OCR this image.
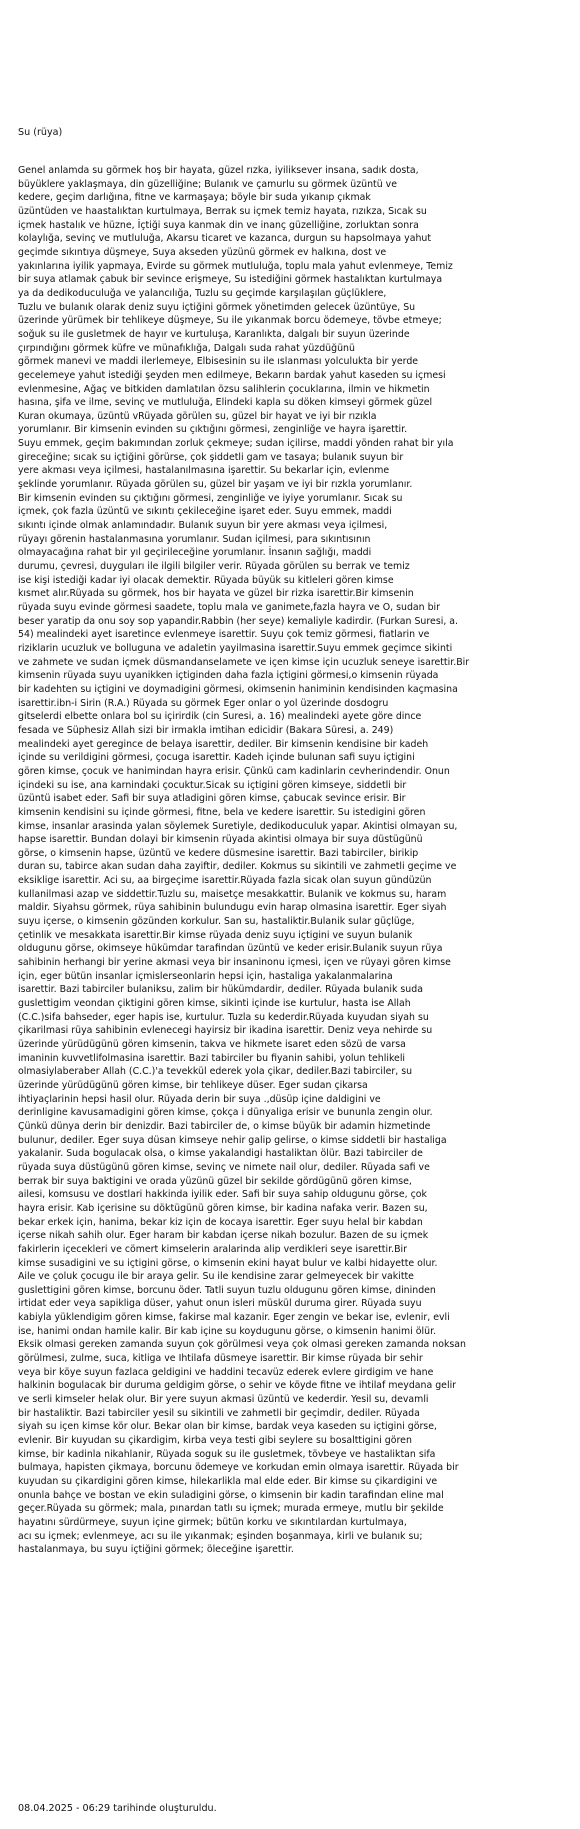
Su (rüya)
Genel anlamda su görmek hoş bir hayata, güzel rızka, iyiliksever insana, sadık dosta,
büyüklere yaklaşmaya, din güzelliğine; Bulanık ve çamurlu su görmek üzüntü ve
kedere, geçim darlığına, fitne ve karmaşaya; böyle bir suda yıkanıp çıkmak
üzüntüden ve haastalıktan kurtulmaya, Berrak su içmek temiz hayata, rızıkza, Sıcak su
içmek hastalık ve hüzne, İçtiği suya kanmak din ve inanç güzelliğine, zorluktan sonra
kolaylığa, sevinç ve mutluluğa, Akarsu ticaret ve kazanca, durgun su hapsolmaya yahut
geçimde sıkıntıya düşmeye, Suya akseden yüzünü görmek ev halkına, dost ve
yakınlarına iyilik yapmaya, Evirde su görmek mutluluğa, toplu mala yahut evlenmeye, Temiz
bir suya atlamak çabuk bir sevince erişmeye, Su istediğini görmek hastalıktan kurtulmaya
ya da dedikoduculuğa ve yalancılığa, Tuzlu su geçimde karşılaşılan güçlüklere,
Tuzlu ve bulanık olarak deniz suyu içtiğini görmek yönetimden gelecek üzüntüye, Su
üzerinde yürümek bir tehlikeye düşmeye, Su ile yıkanmak borcu ödemeye, tövbe etmeye;
soğuk su ile gusletmek de hayır ve kurtuluşa, Karanlıkta, dalgalı bir suyun üzerinde
çırpındığını görmek küfre ve münafıklığa, Dalgalı suda rahat yüzdüğünü
görmek manevi ve maddi ilerlemeye, Elbisesinin su ile ıslanması yolculukta bir yerde
gecelemeye yahut istediği şeyden men edilmeye, Bekarın bardak yahut kaseden su içmesi
evlenmesine, Ağaç ve bitkiden damlatılan özsu salihlerin çocuklarına, ilmin ve hikmetin
hasına, şifa ve ilme, sevinç ve mutluluğa, Elindeki kapla su döken kimseyi görmek güzel
Kuran okumaya, üzüntü vRüyada görülen su, güzel bir hayat ve iyi bir rızıkla
yorumlanır. Bir kimsenin evinden su çıktığını görmesi, zenginliğe ve hayra işarettir.
Suyu emmek, geçim bakımından zorluk çekmeye; sudan içilirse, maddi yönden rahat bir yıla
gireceğine; sıcak su içtiğini görürse, çok şiddetli gam ve tasaya; bulanık suyun bir
yere akması veya içilmesi, hastalanılmasına işarettir. Su bekarlar için, evlenme
şeklinde yorumlanır. Rüyada görülen su, güzel bir yaşam ve iyi bir rızkla yorumlanır.
Bir kimsenin evinden su çıktığını görmesi, zenginliğe ve iyiye yorumlanır. Sıcak su
içmek, çok fazla üzüntü ve sıkıntı çekileceğine işaret eder. Suyu emmek, maddi
sıkıntı içinde olmak anlamındadır. Bulanık suyun bir yere akması veya içilmesi,
rüyayı görenin hastalanmasına yorumlanır. Sudan içilmesi, para sıkıntısının
olmayacağına rahat bir yıl geçirileceğine yorumlanır. İnsanın sağlığı, maddi
durumu, çevresi, duyguları ile ilgili bilgiler verir. Rüyada görülen su berrak ve temiz
ise kişi istediği kadar iyi olacak demektir. Rüyada büyük su kitleleri gören kimse
kısmet alır.Rüyada su görmek, hos bir hayata ve güzel bir rizka isarettir.Bir kimsenin
rüyada suyu evinde görmesi saadete, toplu mala ve ganimete,fazla hayra ve O, sudan bir
beser yaratip da onu soy sop yapandir.Rabbin (her seye) kemaliyle kadirdir. (Furkan Suresi, a.
54) mealindeki ayet isaretince evlenmeye isarettir. Suyu çok temiz görmesi, fiatlarin ve
riziklarin ucuzluk ve bolluguna ve adaletin yayilmasina isarettir.Suyu emmek geçimce sikinti
ve zahmete ve sudan içmek düsmandanselamete ve içen kimse için ucuzluk seneye isarettir.Bir
kimsenin rüyada suyu uyanikken içtiginden daha fazla içtigini görmesi,o kimsenin rüyada
bir kadehten su içtigini ve doymadigini görmesi, okimsenin haniminin kendisinden kaçmasina
isarettir.ibn-i Sirin (R.A.) Rüyada su görmek Eger onlar o yol üzerinde dosdogru
gitselerdi elbette onlara bol su içirirdik (cin Suresi, a. 16) mealindeki ayete göre dince
fesada ve Süphesiz Allah sizi bir irmakla imtihan edicidir (Bakara Süresi, a. 249)
mealindeki ayet geregince de belaya isarettir, dediler. Bir kimsenin kendisine bir kadeh
içinde su verildigini görmesi, çocuga isarettir. Kadeh içinde bulunan safi suyu içtigini
gören kimse, çocuk ve hanimindan hayra erisir. Çünkü cam kadinlarin cevherindendir. Onun
içindeki su ise, ana karnindaki çocuktur.Sicak su içtigini gören kimseye, siddetli bir
üzüntü isabet eder. Safi bir suya atladigini gören kimse, çabucak sevince erisir. Bir
kimsenin kendisini su içinde görmesi, fitne, bela ve kedere isarettir. Su istedigini gören
kimse, insanlar arasinda yalan söylemek Suretiyle, dedikoduculuk yapar. Akintisi olmayan su,
hapse isarettir. Bundan dolayi bir kimsenin rüyada akintisi olmaya bir suya düstügünü
görse, o kimsenin hapse, üzüntü ve kedere düsmesine isarettir. Bazi tabirciler, birikip
duran su, tabirce akan sudan daha zayiftir, dediler. Kokmus su sikintili ve zahmetli geçime ve
eksiklige isarettir. Aci su, aa birgeçime isarettir.Rüyada fazla sicak olan suyun gündüzün
kullanilmasi azap ve siddettir.Tuzlu su, maisetçe mesakkattir. Bulanik ve kokmus su, haram
maldir. Siyahsu görmek, rüya sahibinin bulundugu evin harap olmasina isarettir. Eger siyah
suyu içerse, o kimsenin gözünden korkulur. San su, hastaliktir.Bulanik sular güçlüge,
çetinlik ve mesakkata isarettir.Bir kimse rüyada deniz suyu içtigini ve suyun bulanik
oldugunu görse, okimseye hükümdar tarafindan üzüntü ve keder erisir.Bulanik suyun rüya
sahibinin herhangi bir yerine akmasi veya bir insaninonu içmesi, içen ve rüyayi gören kimse
için, eger bütün insanlar içmislerseonlarin hepsi için, hastaliga yakalanmalarina
isarettir. Bazi tabirciler bulaniksu, zalim bir hükümdardir, dediler. Rüyada bulanik suda
guslettigim veondan çiktigini gören kimse, sikinti içinde ise kurtulur, hasta ise Allah
(C.C.)sifa bahseder, eger hapis ise, kurtulur. Tuzla su kederdir.Rüyada kuyudan siyah su
çikarilmasi rüya sahibinin evlenecegi hayirsiz bir ikadina isarettir. Deniz veya nehirde su
üzerinde yürüdügünü gören kimsenin, takva ve hikmete isaret eden sözü de varsa
imaninin kuvvetlifolmasina isarettir. Bazi tabirciler bu fiyanin sahibi, yolun tehlikeli
olmasiylaberaber Allah (C.C.)'a tevekkül ederek yola çikar, dediler.Bazi tabirciler, su
üzerinde yürüdügünü gören kimse, bir tehlikeye düser. Eger sudan çikarsa
ihtiyaçlarinin hepsi hasil olur. Rüyada derin bir suya .,düsüp içine daldigini ve
derinligine kavusamadigini gören kimse, çokça i dünyaliga erisir ve bununla zengin olur.
Çünkü dünya derin bir denizdir. Bazi tabirciler de, o kimse büyük bir adamin hizmetinde
bulunur, dediler. Eger suya düsan kimseye nehir galip gelirse, o kimse siddetli bir hastaliga
yakalanir. Suda bogulacak olsa, o kimse yakalandigi hastaliktan ölür. Bazi tabirciler de
rüyada suya düstügünü gören kimse, sevinç ve nimete nail olur, dediler. Rüyada safi ve
berrak bir suya baktigini ve orada yüzünü güzel bir sekilde gördügünü gören kimse,
ailesi, komsusu ve dostlari hakkinda iyilik eder. Safi bir suya sahip oldugunu görse, çok
hayra erisir. Kab içerisine su döktügünü gören kimse, bir kadina nafaka verir. Bazen su,
bekar erkek için, hanima, bekar kiz için de kocaya isarettir. Eger suyu helal bir kabdan
içerse nikah sahih olur. Eger haram bir kabdan içerse nikah bozulur. Bazen de su içmek
fakirlerin içecekleri ve cömert kimselerin aralarinda alip verdikleri seye isarettir.Bir
kimse susadigini ve su içtigini görse, o kimsenin ekini hayat bulur ve kalbi hidayette olur.
Aile ve çoluk çocugu ile bir araya gelir. Su ile kendisine zarar gelmeyecek bir vakitte
guslettigini gören kimse, borcunu öder. Tatli suyun tuzlu oldugunu gören kimse, dininden
irtidat eder veya sapikliga düser, yahut onun isleri müskül duruma girer. Rüyada suyu
kabiyla yüklendigim gören kimse, fakirse mal kazanir. Eger zengin ve bekar ise, evlenir, evli
ise, hanimi ondan hamile kalir. Bir kab içine su koydugunu görse, o kimsenin hanimi ölür.
Eksik olmasi gereken zamanda suyun çok görülmesi veya çok olmasi gereken zamanda noksan
görülmesi, zulme, suca, kitliga ve Ihtilafa düsmeye isarettir. Bir kimse rüyada bir sehir
veya bir köye suyun fazlaca geldigini ve haddini tecavüz ederek evlere girdigim ve hane
halkinin bogulacak bir duruma geldigim görse, o sehir ve köyde fitne ve ihtilaf meydana gelir
ve serli kimseler helak olur. Bir yere suyun akmasi üzüntü ve kederdir. Yesil su, devamli
bir hastaliktir. Bazi tabirciler yesil su sikintili ve zahmetli bir geçimdir, dediler. Rüyada
siyah su içen kimse kör olur. Bekar olan bir kimse, bardak veya kaseden su içtigini görse,
evlenir. Bir kuyudan su çikardigim, kirba veya testi gibi seylere su bosalttigini gören
kimse, bir kadinla nikahlanir, Rüyada soguk su ile gusletmek, tövbeye ve hastaliktan sifa
bulmaya, hapisten çikmaya, borcunu ödemeye ve korkudan emin olmaya isarettir. Rüyada bir
kuyudan su çikardigini gören kimse, hilekarlikla mal elde eder. Bir kimse su çikardigini ve
onunla bahçe ve bostan ve ekin suladigini görse, o kimsenin bir kadin tarafindan eline mal
geçer.Rüyada su görmek; mala, pınardan tatlı su içmek; murada ermeye, mutlu bir şekilde
hayatını sürdürmeye, suyun içine girmek; bütün korku ve sıkıntılardan kurtulmaya,
acı su içmek; evlenmeye, acı su ile yıkanmak; eşinden boşanmaya, kirli ve bulanık su;
hastalanmaya, bu suyu içtiğini görmek; öleceğine işarettir.
08.04.2025 - 06:29 tarihinde oluşturuldu.
